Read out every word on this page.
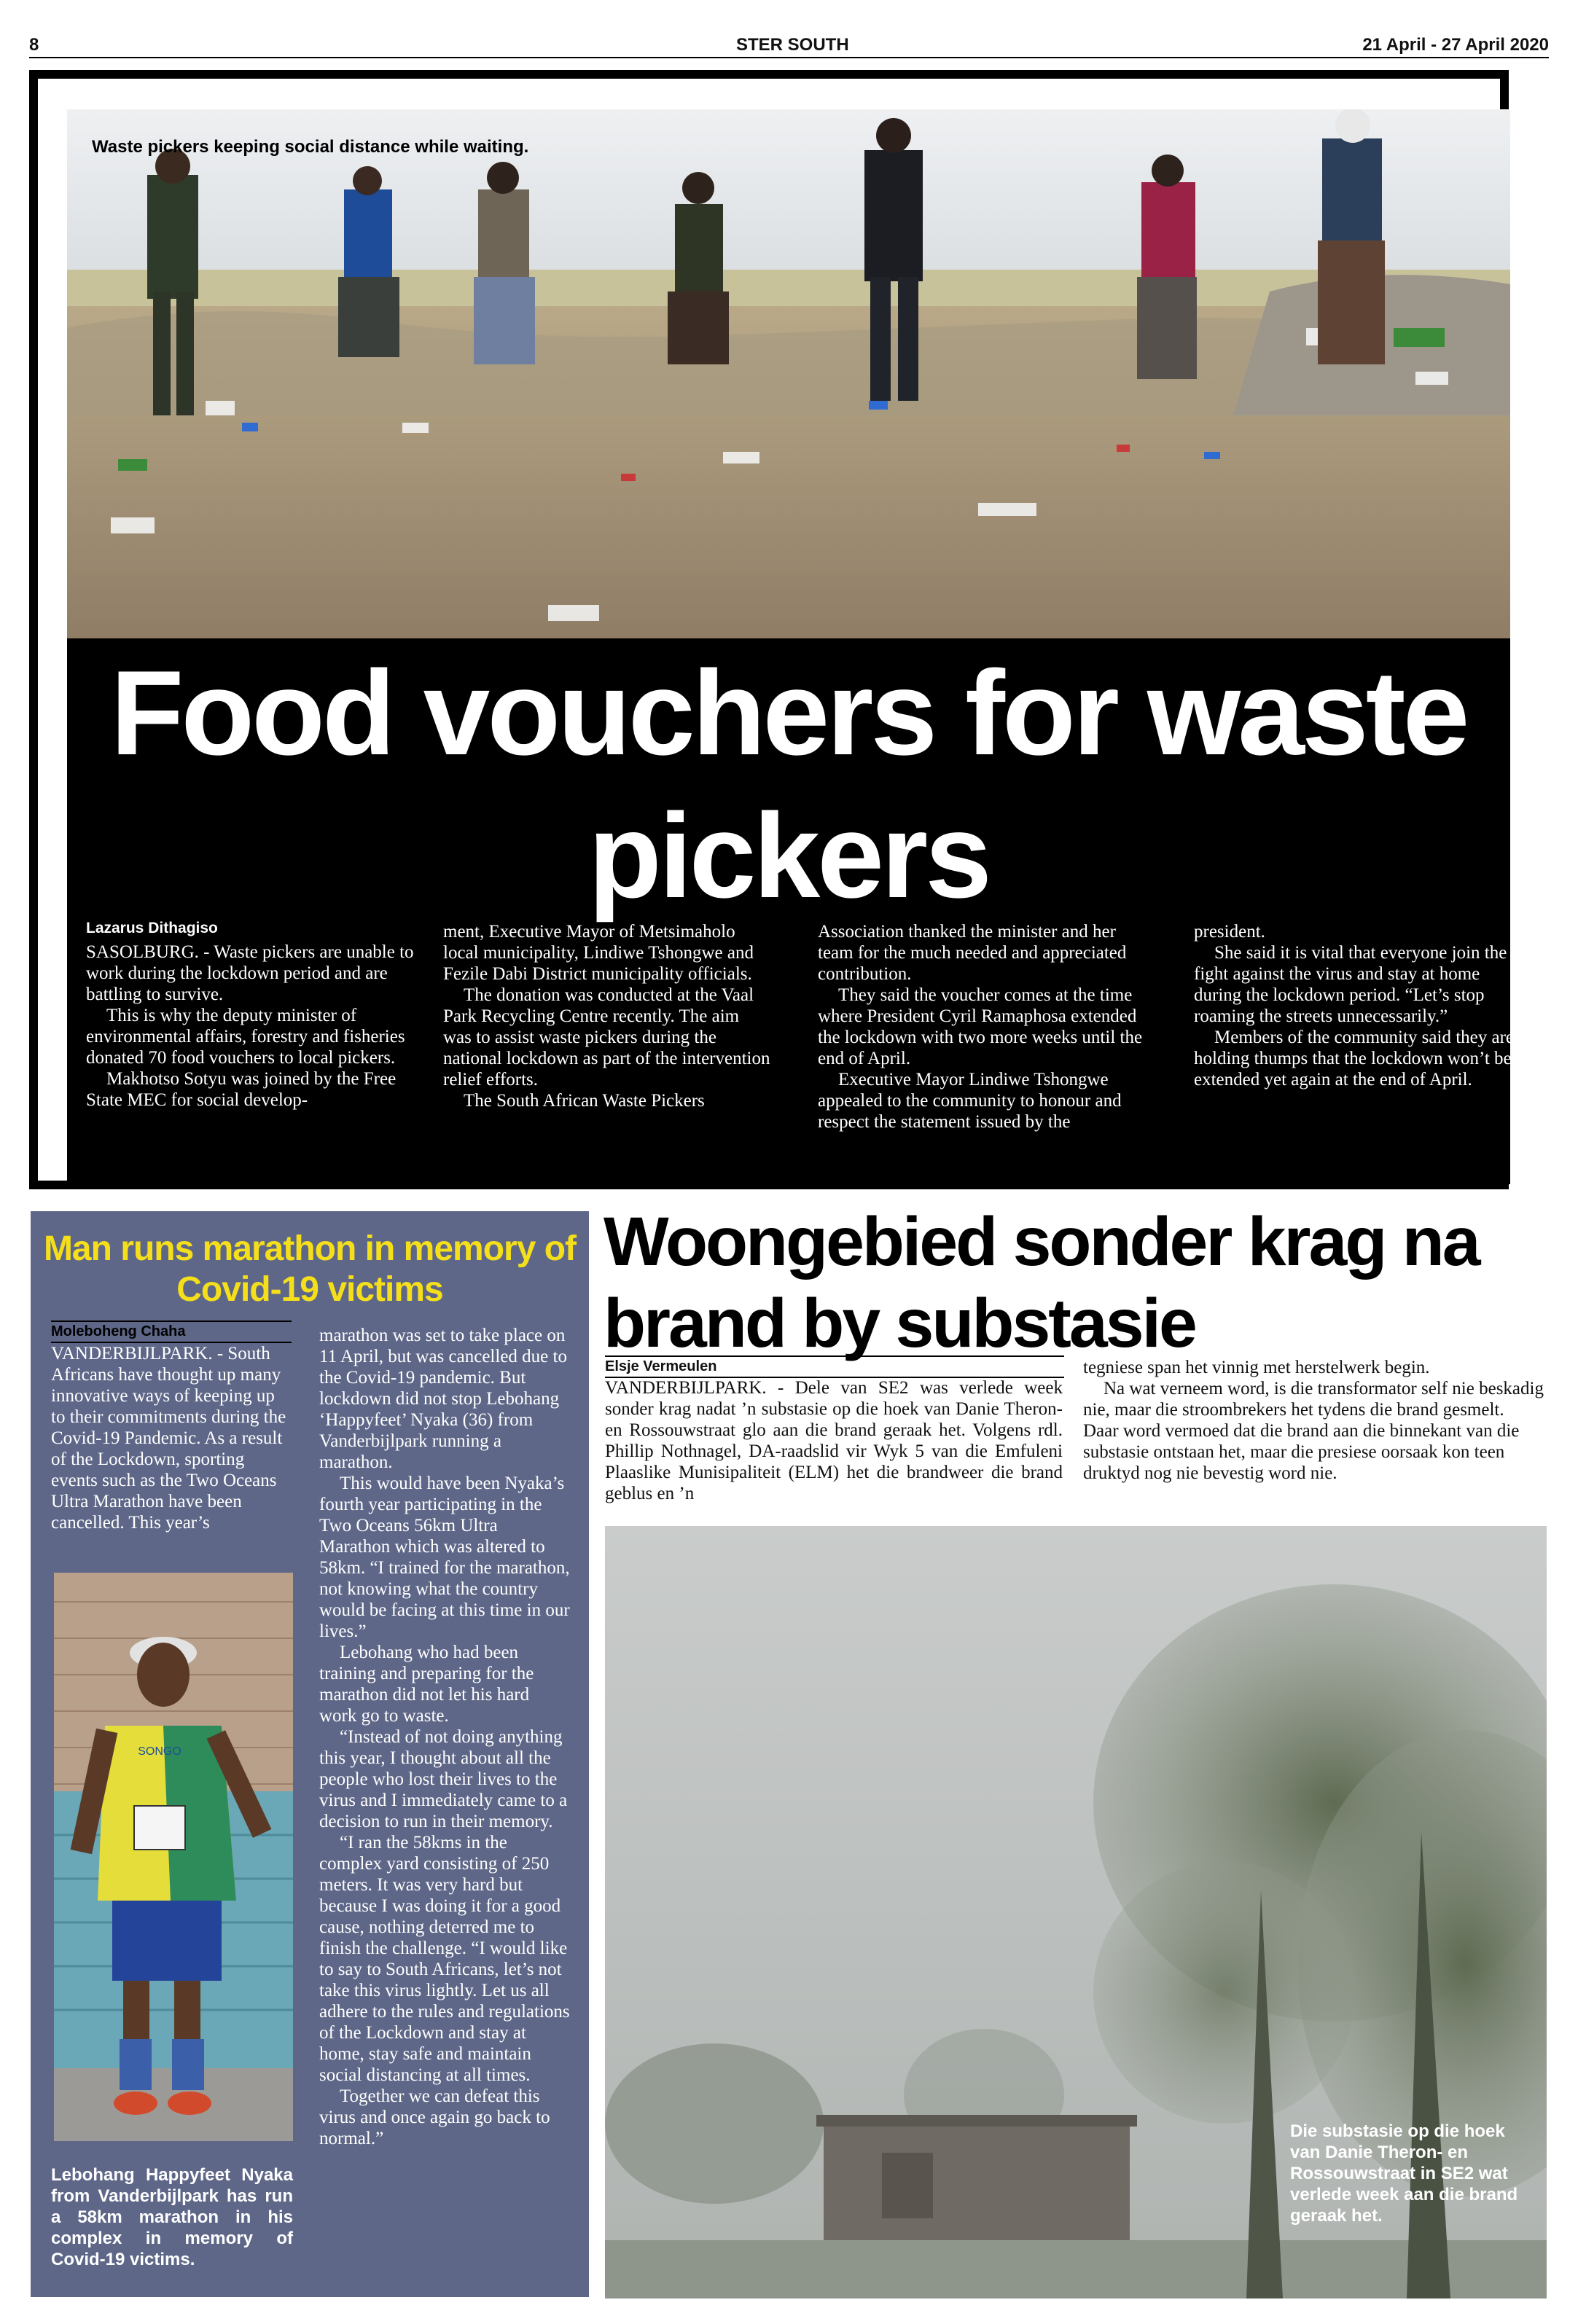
8	STER SOUTH	21 April - 27 April 2020
Waste pickers keeping social distance while waiting.
Food vouchers for waste pickers
Lazarus Dithagiso

SASOLBURG. - Waste pickers are unable to work during the lockdown period and are battling to survive.

This is why the deputy minister of environmental affairs, forestry and fisheries donated 70 food vouchers to local pickers.

Makhotso Sotyu was joined by the Free State MEC for social develop-

ment, Executive Mayor of Metsimaholo local municipality, Lindiwe Tshongwe and Fezile Dabi District municipality officials.

The donation was conducted at the Vaal Park Recycling Centre recently. The aim was to assist waste pickers during the national lockdown as part of the intervention relief efforts.

The South African Waste Pickers

Association thanked the minister and her team for the much needed and appreciated contribution.

They said the voucher comes at the time where President Cyril Ramaphosa extended the lockdown with two more weeks until the end of April.

Executive Mayor Lindiwe Tshongwe appealed to the community to honour and respect the statement issued by the

president.

She said it is vital that everyone join the fight against the virus and stay at home during the lockdown period. “Let’s stop roaming the streets unnecessarily.”

Members of the community said they are holding thumps that the lockdown won’t be extended yet again at the end of April.

Man runs marathon in memory of Covid-19 victims
Moleboheng Chaha

VANDERBIJLPARK. - South Africans have thought up many innovative ways of keeping up to their commitments during the Covid-19 Pandemic. As a result of the Lockdown, sporting events such as the Two Oceans Ultra Marathon have been cancelled. This year’s

marathon was set to take place on 11 April, but was cancelled due to the Covid-19 pandemic. But lockdown did not stop Lebohang ‘Happyfeet’ Nyaka (36) from Vanderbijlpark running a marathon.

This would have been Nyaka’s fourth year participating in the Two Oceans 56km Ultra Marathon which was altered to 58km. “I trained for the marathon, not knowing what the country would be facing at this time in our lives.”

Lebohang who had been training and preparing for the marathon did not let his hard work go to waste.

“Instead of not doing anything this year, I thought about all the people who lost their lives to the virus and I immediately came to a decision to run in their memory.

“I ran the 58kms in the complex yard consisting of 250 meters. It was very hard but because I was doing it for a good cause, nothing deterred me to finish the challenge. “I would like to say to South Africans, let’s not take this virus lightly. Let us all adhere to the rules and regulations of the Lockdown and stay at home, stay safe and maintain social distancing at all times.

Together we can defeat this virus and once again go back to normal.”

SONGO
Lebohang Happyfeet Nyaka from Vanderbijlpark has run a 58km marathon in his complex in memory of Covid-19 victims.
Woongebied sonder krag na brand by substasie
Elsje Vermeulen

VANDERBIJLPARK. - Dele van SE2 was verlede week sonder krag nadat ’n substasie op die hoek van Danie Theron- en Rossouwstraat glo aan die brand geraak het. Volgens rdl. Phillip Nothnagel, DA-raadslid vir Wyk 5 van die Emfuleni Plaaslike Munisipaliteit (ELM) het die brandweer die brand geblus en ’n

tegniese span het vinnig met herstelwerk begin.

Na wat verneem word, is die transformator self nie beskadig nie, maar die stroombrekers het tydens die brand gesmelt. Daar word vermoed dat die brand aan die binnekant van die substasie ontstaan het, maar die presiese oorsaak kon teen druktyd nog nie bevestig word nie.

Die substasie op die hoek van Danie Theron- en Rossouwstraat in SE2 wat verlede week aan die brand geraak het.
